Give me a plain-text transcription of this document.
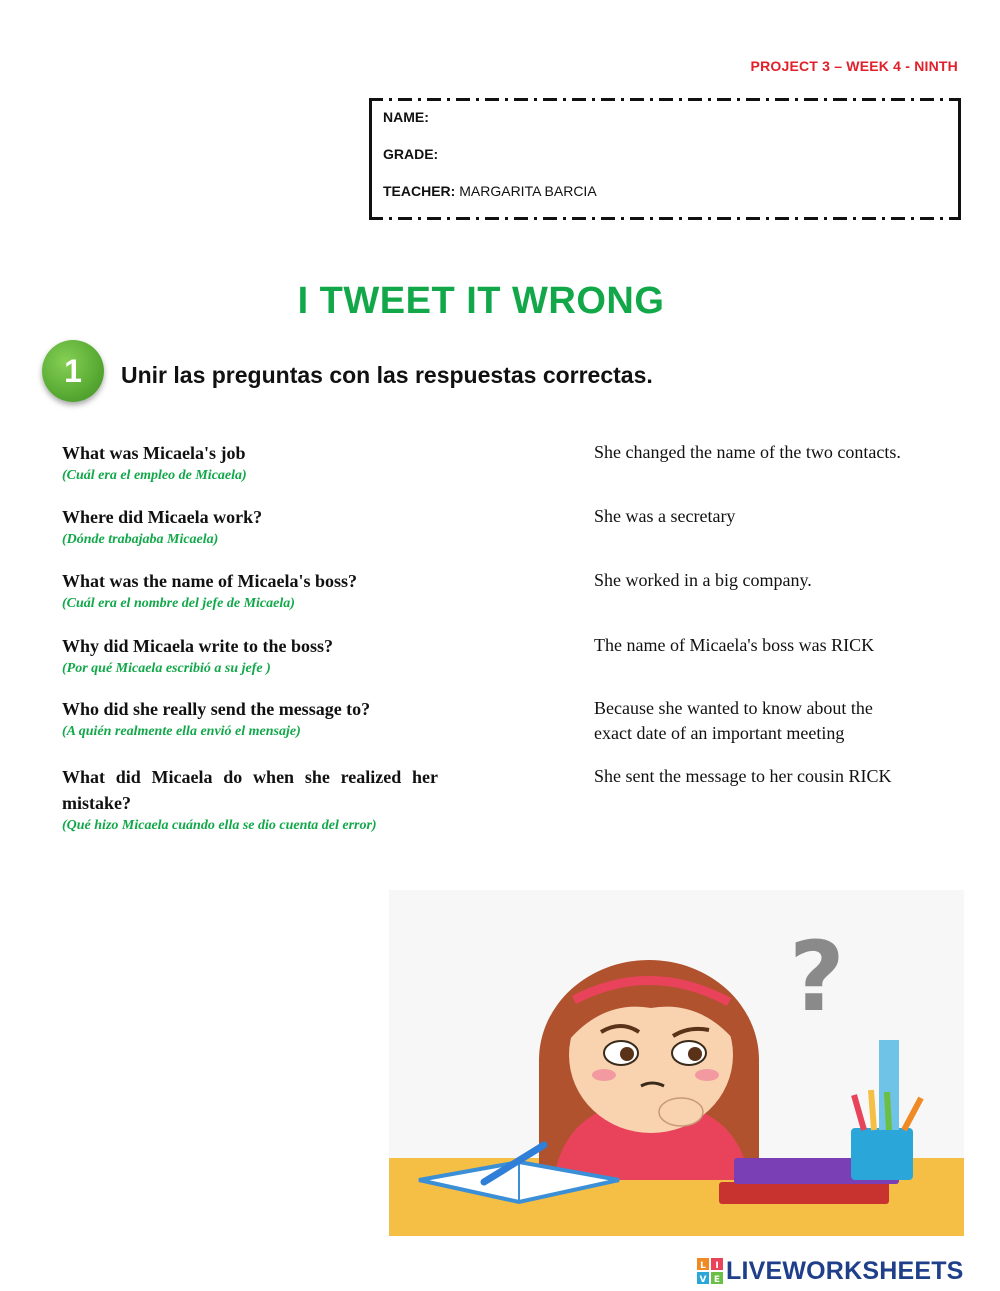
PROJECT 3 – WEEK 4 - NINTH
NAME:
GRADE:
TEACHER: MARGARITA BARCIA
I TWEET IT WRONG
1	Unir las preguntas con las respuestas correctas.
What was Micaela's job
(Cuál era el empleo de Micaela)
Where did Micaela work?
(Dónde trabajaba Micaela)
What was the name of Micaela's boss?
(Cuál era el nombre del jefe de Micaela)
Why did Micaela write to the boss?
(Por qué Micaela escribió a su jefe )
Who did she really send the message to?
(A quién realmente ella envió el mensaje)
What did Micaela do when she realized her mistake?
(Qué hizo Micaela cuándo ella se dio cuenta del error)
She changed the name of the two contacts.
She was a secretary
She worked in a big company.
The name of Micaela's boss was RICK
Because she wanted to know about the exact date of an important meeting
She sent the message to her cousin RICK
?
L I
V E LIVEWORKSHEETS
